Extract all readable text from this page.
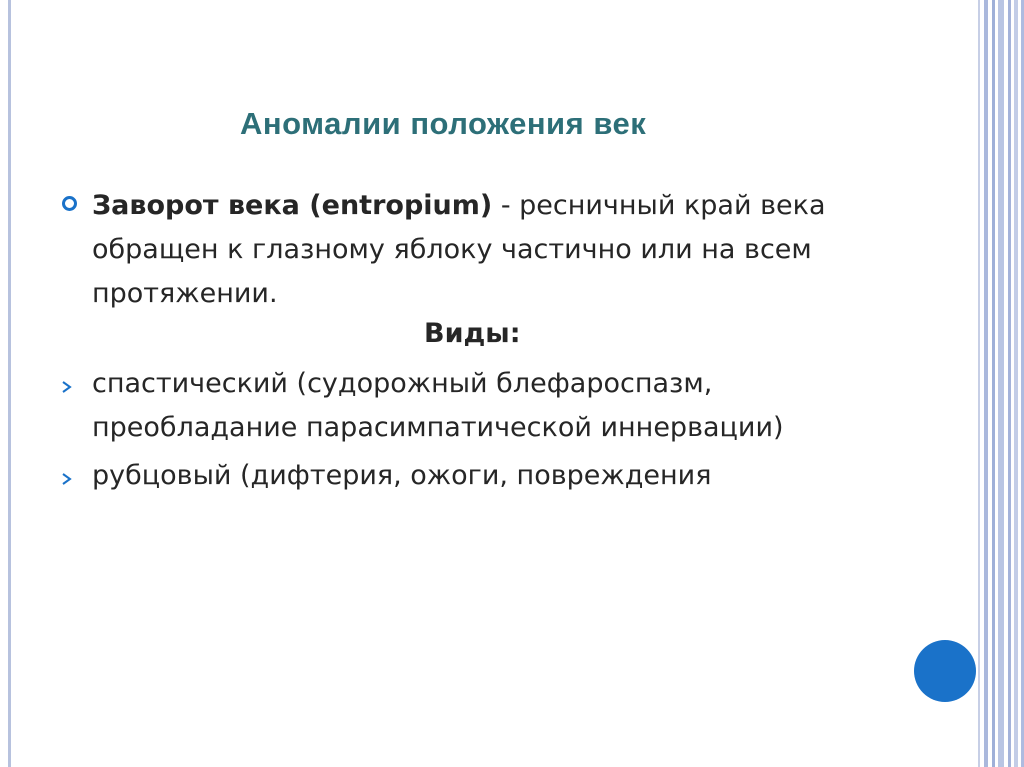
Аномалии положения век
Заворот века (entropium) - ресничный край века обращен к глазному яблоку частично или на всем протяжении.
Виды:
спастический (судорожный блефароспазм, преобладание парасимпатической иннервации)
рубцовый (дифтерия, ожоги, повреждения
